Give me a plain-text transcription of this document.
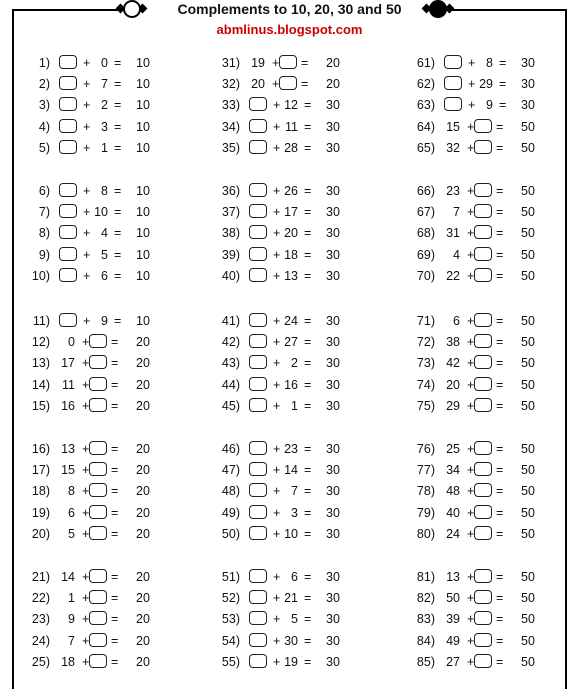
Complements to 10, 20, 30 and 50
abmlinus.blogspot.com
1)	+ 0 = 10
2)	+ 7 = 10
3)	+ 2 = 10
4)	+ 3 = 10
5)	+ 1 = 10
6)	+ 8 = 10
7)	+ 10 = 10
8)	+ 4 = 10
9)	+ 5 = 10
10)	+ 6 = 10
11)	+ 9 = 10
12)	0 + = 20
13) 17 + = 20
14) 11 + = 20
15) 16 + = 20
16) 13 + = 20
17) 15 + = 20
18)	8 + = 20
19)	6 + = 20
20)	5 + = 20
21) 14 + = 20
22)	1 + = 20
23)	9 + = 20
24)	7 + = 20
25) 18 + = 20
31) 19 + = 20
32) 20 + = 20
33)	+ 12 = 30
34)	+ 11 = 30
35)	+ 28 = 30
36)	+ 26 = 30
37)	+ 17 = 30
38)	+ 20 = 30
39)	+ 18 = 30
40)	+ 13 = 30
41)	+ 24 = 30
42)	+ 27 = 30
43)	+ 2 = 30
44)	+ 16 = 30
45)	+ 1 = 30
46)	+ 23 = 30
47)	+ 14 = 30
48)	+ 7 = 30
49)	+ 3 = 30
50)	+ 10 = 30
51)	+ 6 = 30
52)	+ 21 = 30
53)	+ 5 = 30
54)	+ 30 = 30
55)	+ 19 = 30
61)	+ 8 = 30
62)	+ 29 = 30
63)	+ 9 = 30
64) 15 + = 50
65) 32 + = 50
66) 23 + = 50
67)	7 + = 50
68) 31 + = 50
69)	4 + = 50
70) 22 + = 50
71)	6 + = 50
72) 38 + = 50
73) 42 + = 50
74) 20 + = 50
75) 29 + = 50
76) 25 + = 50
77) 34 + = 50
78) 48 + = 50
79) 40 + = 50
80) 24 + = 50
81) 13 + = 50
82) 50 + = 50
83) 39 + = 50
84) 49 + = 50
85) 27 + = 50
